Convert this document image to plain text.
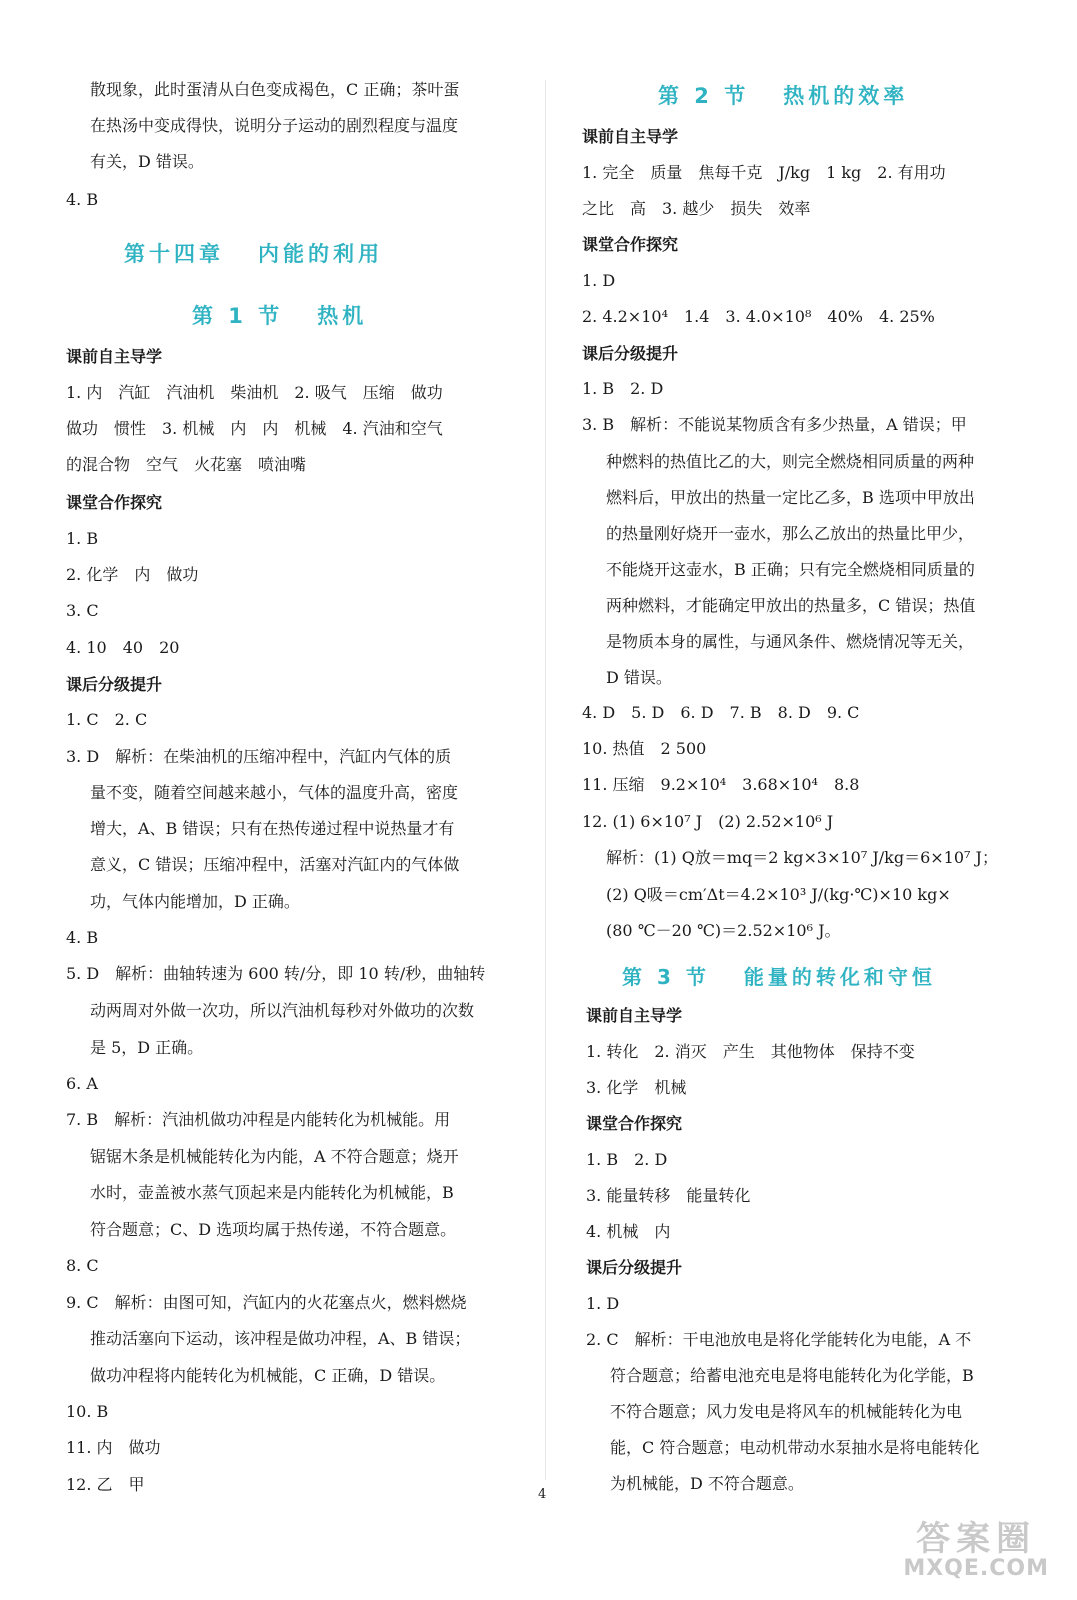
散现象，此时蛋清从白色变成褐色，C 正确；茶叶蛋
在热汤中变成得快，说明分子运动的剧烈程度与温度
有关，D 错误。
4. B
第十四章 内能的利用
第 1 节 热机
课前自主导学
1. 内　汽缸　汽油机　柴油机　2. 吸气　压缩　做功
做功　惯性　3. 机械　内　内　机械　4. 汽油和空气
的混合物　空气　火花塞　喷油嘴
课堂合作探究
1. B
2. 化学　内　做功
3. C
4. 10　40　20
课后分级提升
1. C　2. C
3. D　解析：在柴油机的压缩冲程中，汽缸内气体的质
量不变，随着空间越来越小，气体的温度升高，密度
增大，A、B 错误；只有在热传递过程中说热量才有
意义，C 错误；压缩冲程中，活塞对汽缸内的气体做
功，气体内能增加，D 正确。
4. B
5. D　解析：曲轴转速为 600 转/分，即 10 转/秒，曲轴转
动两周对外做一次功，所以汽油机每秒对外做功的次数
是 5，D 正确。
6. A
7. B　解析：汽油机做功冲程是内能转化为机械能。用
锯锯木条是机械能转化为内能，A 不符合题意；烧开
水时，壶盖被水蒸气顶起来是内能转化为机械能，B
符合题意；C、D 选项均属于热传递，不符合题意。
8. C
9. C　解析：由图可知，汽缸内的火花塞点火，燃料燃烧
推动活塞向下运动，该冲程是做功冲程，A、B 错误；
做功冲程将内能转化为机械能，C 正确，D 错误。
10. B
11. 内　做功
12. 乙　甲
第 2 节 热机的效率
课前自主导学
1. 完全　质量　焦每千克　J/kg　1 kg　2. 有用功
之比　高　3. 越少　损失　效率
课堂合作探究
1. D
2. 4.2×10⁴　1.4　3. 4.0×10⁸　40%　4. 25%
课后分级提升
1. B　2. D
3. B　解析：不能说某物质含有多少热量，A 错误；甲
种燃料的热值比乙的大，则完全燃烧相同质量的两种
燃料后，甲放出的热量一定比乙多，B 选项中甲放出
的热量刚好烧开一壶水，那么乙放出的热量比甲少，
不能烧开这壶水，B 正确；只有完全燃烧相同质量的
两种燃料，才能确定甲放出的热量多，C 错误；热值
是物质本身的属性，与通风条件、燃烧情况等无关，
D 错误。
4. D　5. D　6. D　7. B　8. D　9. C
10. 热值　2 500
11. 压缩　9.2×10⁴　3.68×10⁴　8.8
12. (1) 6×10⁷ J　(2) 2.52×10⁶ J
解析：(1) Q放＝mq＝2 kg×3×10⁷ J/kg＝6×10⁷ J；
(2) Q吸＝cm′Δt＝4.2×10³ J/(kg·℃)×10 kg×
(80 ℃－20 ℃)＝2.52×10⁶ J。
第 3 节 能量的转化和守恒
课前自主导学
1. 转化　2. 消灭　产生　其他物体　保持不变
3. 化学　机械
课堂合作探究
1. B　2. D
3. 能量转移　能量转化
4. 机械　内
课后分级提升
1. D
2. C　解析：干电池放电是将化学能转化为电能，A 不
符合题意；给蓄电池充电是将电能转化为化学能，B
不符合题意；风力发电是将风车的机械能转化为电
能，C 符合题意；电动机带动水泵抽水是将电能转化
为机械能，D 不符合题意。
4
答案圈
MXQE.COM
